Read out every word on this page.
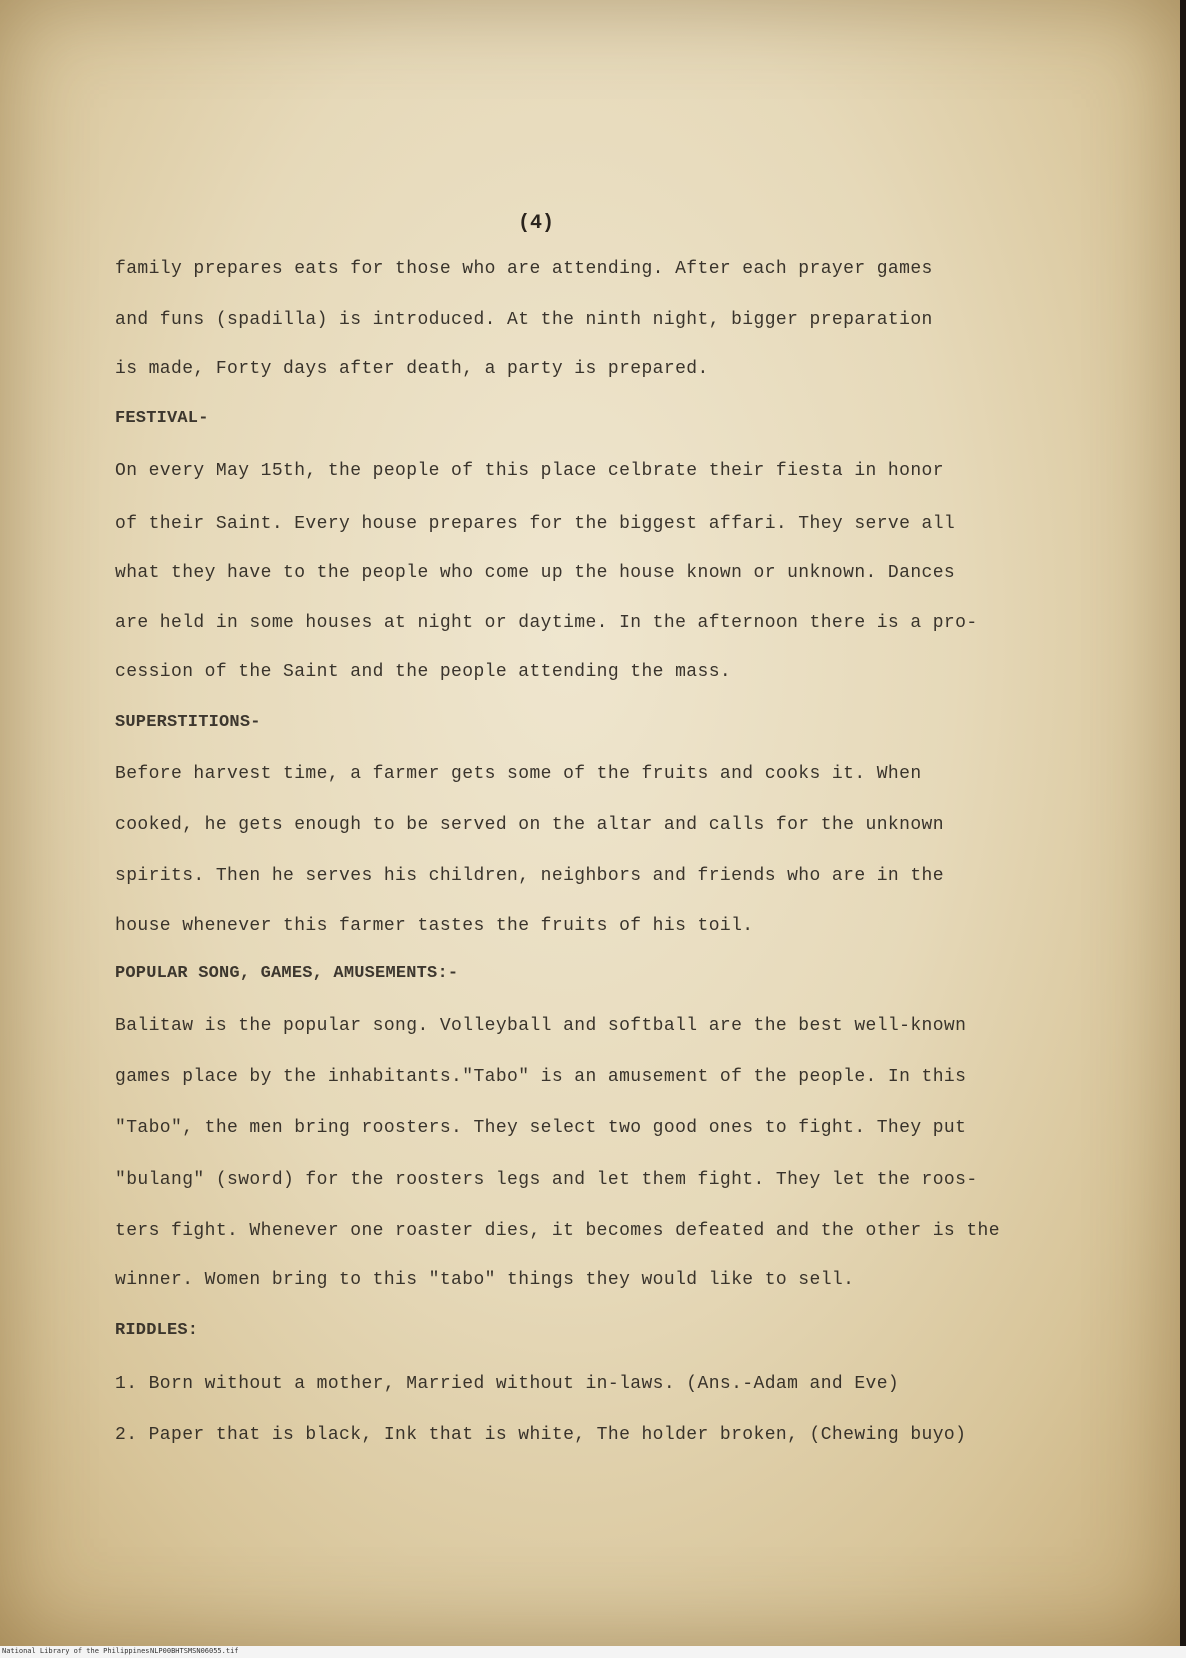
(4)
family prepares eats for those who are attending. After each prayer games
and funs (spadilla) is introduced. At the ninth night, bigger preparation
is made, Forty days after death, a party is prepared.
FESTIVAL-
On every May 15th, the people of this place celbrate their fiesta in honor
of their Saint. Every house prepares for the biggest affari. They serve all
what they have to the people who come up the house known or unknown. Dances
are held in some houses at night or daytime. In the afternoon there is a pro-
cession of the Saint and the people attending the mass.
SUPERSTITIONS-
Before harvest time, a farmer gets some of the fruits and cooks it. When
cooked, he gets enough to be served on the altar and calls for the unknown
spirits. Then he serves his children, neighbors and friends who are in the
house whenever this farmer tastes the fruits of his toil.
POPULAR SONG, GAMES, AMUSEMENTS:-
Balitaw is the popular song. Volleyball and softball are the best well-known
games place by the inhabitants."Tabo" is an amusement of the people. In this
"Tabo", the men bring roosters. They select two good ones to fight. They put
"bulang" (sword) for the roosters legs and let them fight. They let the roos-
ters fight. Whenever one roaster dies, it becomes defeated and the other is the
winner. Women bring to this "tabo" things they would like to sell.
RIDDLES:
1. Born without a mother, Married without in-laws. (Ans.-Adam and Eve)
2. Paper that is black, Ink that is white, The holder broken, (Chewing buyo)
National Library of the Philippines NLP00BHTSMSN06055.tif
